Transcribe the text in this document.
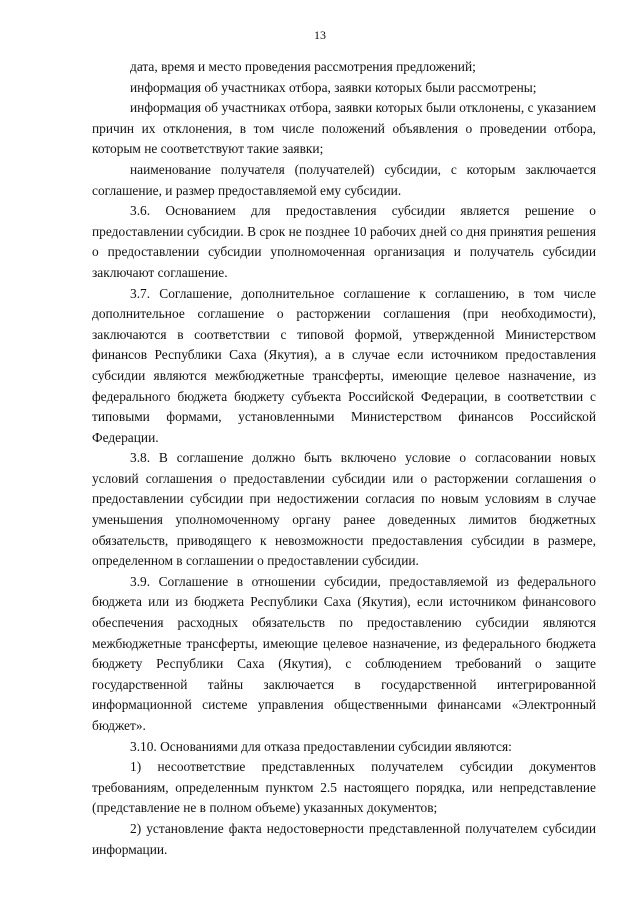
13

дата, время и место проведения рассмотрения предложений;

информация об участниках отбора, заявки которых были рассмотрены;

информация об участниках отбора, заявки которых были отклонены, с указанием причин их отклонения, в том числе положений объявления о проведении отбора, которым не соответствуют такие заявки;

наименование получателя (получателей) субсидии, с которым заключается соглашение, и размер предоставляемой ему субсидии.

3.6. Основанием для предоставления субсидии является решение о предоставлении субсидии. В срок не позднее 10 рабочих дней со дня принятия решения о предоставлении субсидии уполномоченная организация и получатель субсидии заключают соглашение.

3.7. Соглашение, дополнительное соглашение к соглашению, в том числе дополнительное соглашение о расторжении соглашения (при необходимости), заключаются в соответствии с типовой формой, утвержденной Министерством финансов Республики Саха (Якутия), а в случае если источником предоставления субсидии являются межбюджетные трансферты, имеющие целевое назначение, из федерального бюджета бюджету субъекта Российской Федерации, в соответствии с типовыми формами, установленными Министерством финансов Российской Федерации.

3.8. В соглашение должно быть включено условие о согласовании новых условий соглашения о предоставлении субсидии или о расторжении соглашения о предоставлении субсидии при недостижении согласия по новым условиям в случае уменьшения уполномоченному органу ранее доведенных лимитов бюджетных обязательств, приводящего к невозможности предоставления субсидии в размере, определенном в соглашении о предоставлении субсидии.

3.9. Соглашение в отношении субсидии, предоставляемой из федерального бюджета или из бюджета Республики Саха (Якутия), если источником финансового обеспечения расходных обязательств по предоставлению субсидии являются межбюджетные трансферты, имеющие целевое назначение, из федерального бюджета бюджету Республики Саха (Якутия), с соблюдением требований о защите государственной тайны заключается в государственной интегрированной информационной системе управления общественными финансами «Электронный бюджет».

3.10. Основаниями для отказа предоставлении субсидии являются:

1) несоответствие представленных получателем субсидии документов требованиям, определенным пунктом 2.5 настоящего порядка, или непредставление (представление не в полном объеме) указанных документов;

2) установление факта недостоверности представленной получателем субсидии информации.
